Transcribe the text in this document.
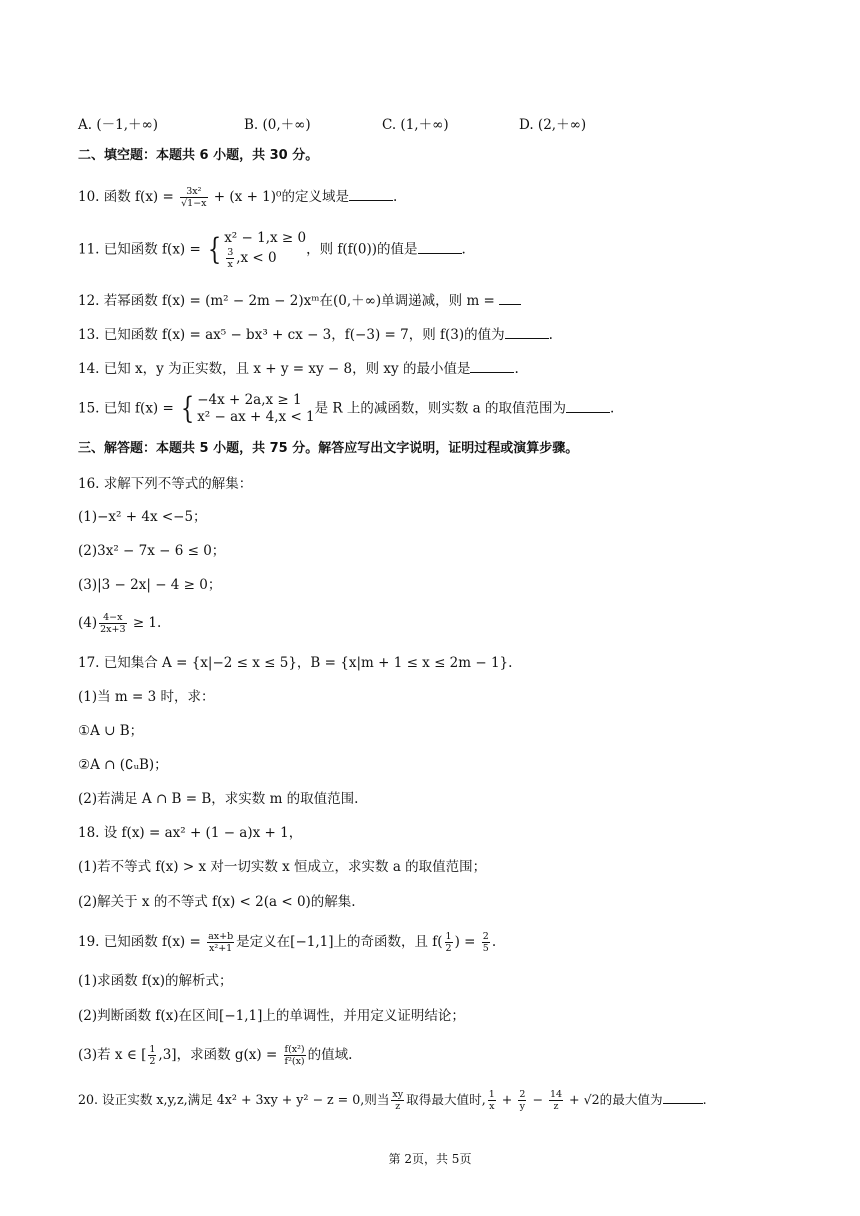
A. (－1,＋∞)	B. (0,＋∞)	C. (1,＋∞)	D. (2,＋∞)
二、填空题：本题共 6 小题，共 30 分。
10. 函数 $f(x) = \frac{\text{3x²}}{√1-x} + (x + 1)^0$的定义域是	.
11. 已知函数 f(x) = { x² − 1,x ≥ 0
$\frac{3}{x} ,x < 0$
，则 f(f(0))的值是	.
12. 若幂函数 f(x) = (m² − 2m − 2)xᵐ在(0,＋∞)单调递减，则 m =
13. 已知函数 f(x) = ax⁵ − bx³ + cx − 3，f(−3) = 7，则 f(3)的值为	.
14. 已知 x，y 为正实数，且 x + y = xy − 8，则 xy 的最小值是	.
15. 已知 f(x) = { −4x + 2a,x ≥ 1
x² − ax + 4,x < 1
是 R 上的减函数，则实数 a 的取值范围为	.
三、解答题：本题共 5 小题，共 75 分。解答应写出文字说明，证明过程或演算步骤。
16. 求解下列不等式的解集：
(1)−x² + 4x <−5；
(2)3x² − 7x − 6 ≤ 0；
(3)|3 − 2x| − 4 ≥ 0；
$(4) \frac{4-x}{2x+3} \ge 1$.
17. 已知集合 A = {x|−2 ≤ x ≤ 5}，B = {x|m + 1 ≤ x ≤ 2m − 1}.
(1)当 m = 3 时，求：
①A ∪ B；
②A ∩ (∁ᵤB)；
(2)若满足 A ∩ B = B，求实数 m 的取值范围.
18. 设 f(x) = ax² + (1 − a)x + 1，
(1)若不等式 f(x) > x 对一切实数 x 恒成立，求实数 a 的取值范围；
(2)解关于 x 的不等式 f(x) < 2(a < 0)的解集.
19. 已知函数 $f(x) = \frac{ax+b}{\text{x²+1}}$ 是定义在[−1,1]上的奇函数，且 $f( \frac{1}{2}$ ) = $\frac{2}{5}$ .
(1)求函数 f(x)的解析式；
(2)判断函数 f(x)在区间[−1,1]上的单调性，并用定义证明结论；
(3)若 x ∈ [ $\frac{1}{2} ,3$]，求函数 $g(x) = \frac{\text{f(x²)}}{\text{f²(x)}}$ 的值域.
20. 设正实数 x,y,z,满足 4x² + 3xy + y² − z = 0,则当 $\frac{xy}{z}$ 取得最大值时, $\frac{1}{x} + \frac{2}{y} - \frac{14}{z} + √2$的最大值为	.
第 2页，共 5页
